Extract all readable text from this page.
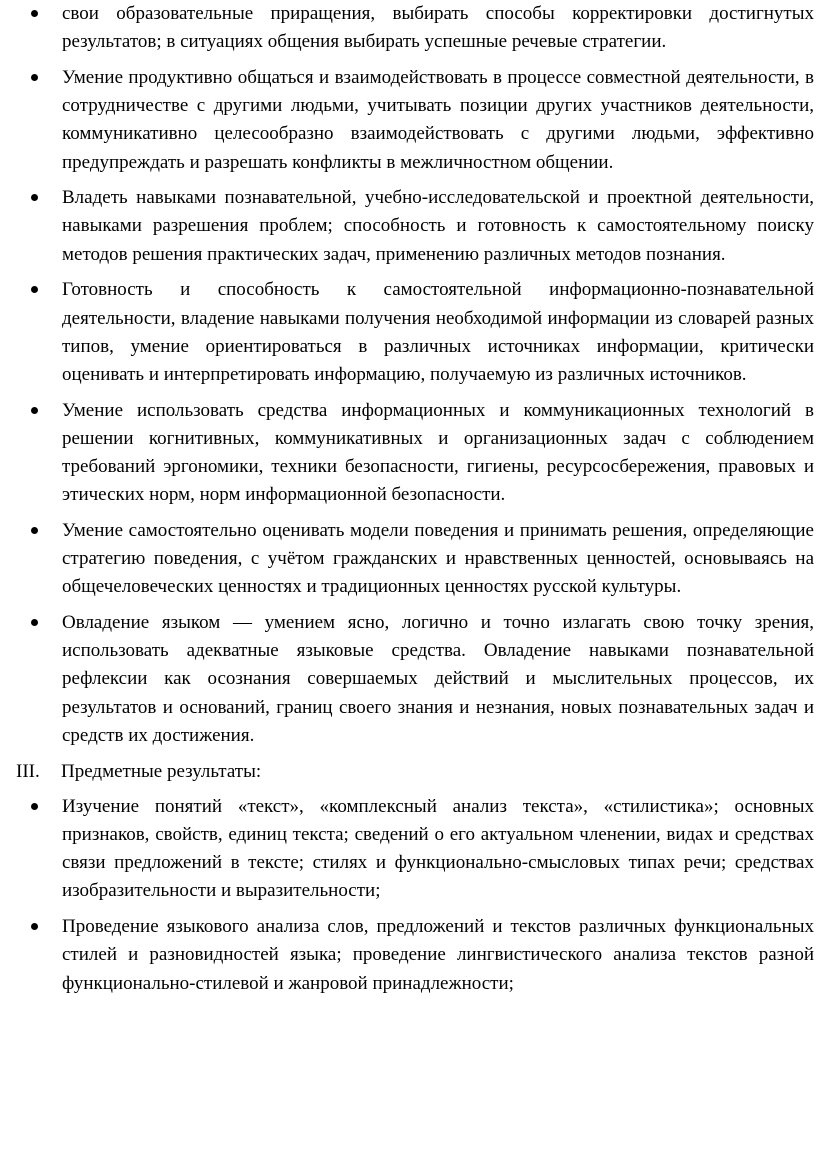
свои образовательные приращения, выбирать способы корректировки достигнутых результатов; в ситуациях общения выбирать успешные речевые стратегии.
Умение продуктивно общаться и взаимодействовать в процессе совместной деятельности, в сотрудничестве с другими людьми, учитывать позиции других участников деятельности, коммуникативно целесообразно взаимодействовать с другими людьми, эффективно предупреждать и разрешать конфликты в межличностном общении.
Владеть навыками познавательной, учебно-исследовательской и проектной деятельности, навыками разрешения проблем; способность и готовность к самостоятельному поиску методов решения практических задач, применению различных методов познания.
Готовность и способность к самостоятельной информационно-познавательной деятельности, владение навыками получения необходимой информации из словарей разных типов, умение ориентироваться в различных источниках информации, критически оценивать и интерпретировать информацию, получаемую из различных источников.
Умение использовать средства информационных и коммуникационных технологий в решении когнитивных, коммуникативных и организационных задач с соблюдением требований эргономики, техники безопасности, гигиены, ресурсосбережения, правовых и этических норм, норм информационной безопасности.
Умение самостоятельно оценивать модели поведения и принимать решения, определяющие стратегию поведения, с учётом гражданских и нравственных ценностей, основываясь на общечеловеческих ценностях и традиционных ценностях русской культуры.
Овладение языком — умением ясно, логично и точно излагать свою точку зрения, использовать адекватные языковые средства. Овладение навыками познавательной рефлексии как осознания совершаемых действий и мыслительных процессов, их результатов и оснований, границ своего знания и незнания, новых познавательных задач и средств их достижения.
III. Предметные результаты:
Изучение понятий «текст», «комплексный анализ текста», «стилистика»; основных признаков, свойств, единиц текста; сведений о его актуальном членении, видах и средствах связи предложений в тексте; стилях и функционально-смысловых типах речи; средствах изобразительности и выразительности;
Проведение языкового анализа слов, предложений и текстов различных функциональных стилей и разновидностей языка; проведение лингвистического анализа текстов разной функционально-стилевой и жанровой принадлежности;
